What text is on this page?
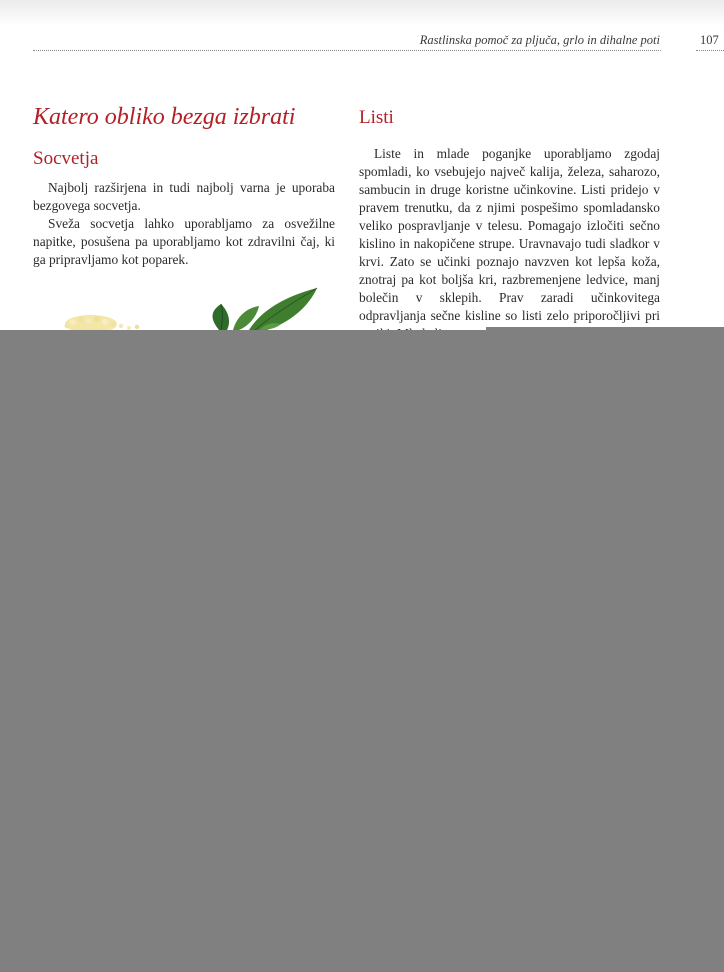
Rastlinska pomoč za pljuča, grlo in dihalne poti	107
Katero obliko bezga izbrati
Socvetja

Najbolj razširjena in tudi najbolj varna je uporaba bezgovega socvetja.

Sveža socvetja lahko uporabljamo za osvežilne napitke, posušena pa uporabljamo kot zdravilni čaj, ki ga pripravljamo kot poparek.

Listi

Liste in mlade poganjke uporabljamo zgodaj spomladi, ko vsebujejo največ kalija, železa, saharozo, sambucin in druge koristne učinkovine. Listi pridejo v pravem trenutku, da z njimi pospešimo spomladansko veliko pospravljanje v telesu. Pomagajo izločiti sečno kislino in nakopičene strupe. Uravnavajo tudi sladkor v krvi. Zato se učinki poznajo navzven kot lepša koža, znotraj pa kot boljša kri, razbremenjene ledvice, manj bolečin v sklepih. Prav zaradi učinkovitega odpravljanja sečne kisline so listi zelo priporočljivi pri
